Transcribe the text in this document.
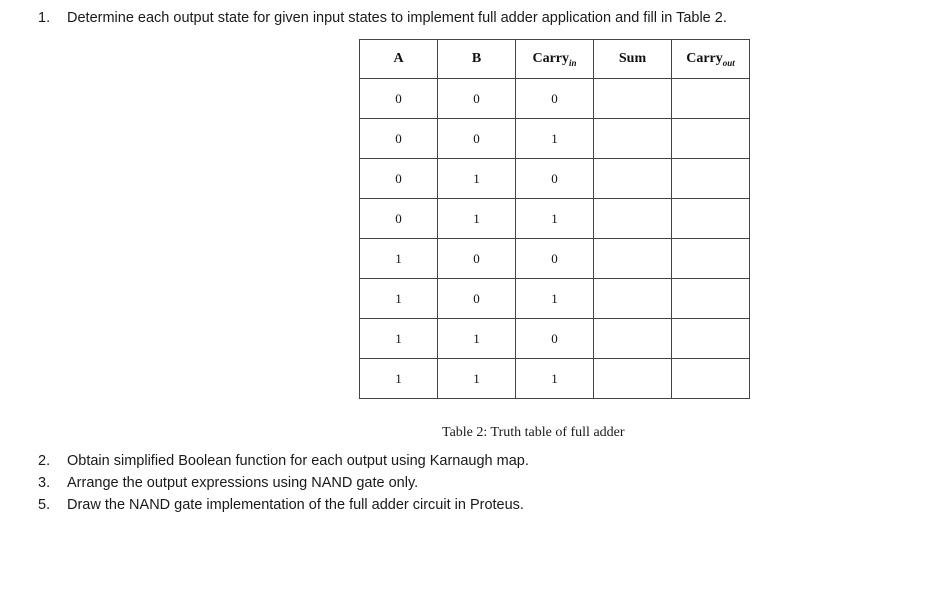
1. Determine each output state for given input states to implement full adder application and fill in Table 2.
A	B	Carry$_{in}$	Sum	Carry$_{out}$
0	0	0		
0	0	1		
0	1	0		
0	1	1		
1	0	0		
1	0	1		
1	1	0		
1	1	1		
Table 2: Truth table of full adder
2. Obtain simplified Boolean function for each output using Karnaugh map.
3. Arrange the output expressions using NAND gate only.
5. Draw the NAND gate implementation of the full adder circuit in Proteus.
